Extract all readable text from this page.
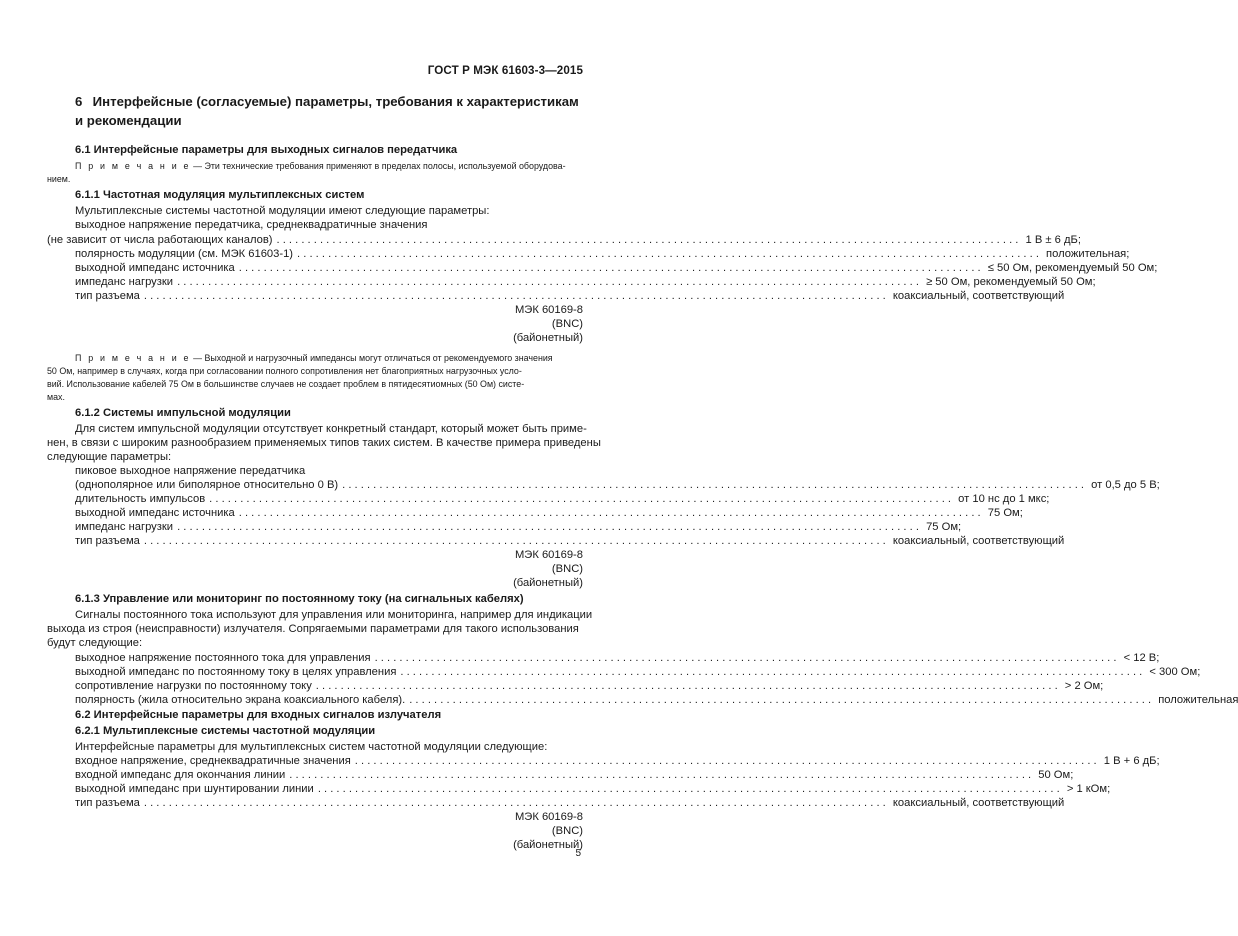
ГОСТ Р МЭК 61603-3—2015
6 Интерфейсные (согласуемые) параметры, требования к характеристикам
и рекомендации
6.1 Интерфейсные параметры для выходных сигналов передатчика
П р и м е ч а н и е — Эти технические требования применяют в пределах полосы, используемой оборудова-
нием.
6.1.1 Частотная модуляция мультиплексных систем
Мультиплексные системы частотной модуляции имеют следующие параметры:
выходное напряжение передатчика, среднеквадратичные значения
(не зависит от числа работающих каналов) ........................................................................................................................ 1 В ± 6 дБ;
полярность модуляции (см. МЭК 61603-1) ........................................................................................................................ положительная;
выходной импеданс источника ........................................................................................................................ ≤ 50 Ом, рекомендуемый 50 Ом;
импеданс нагрузки ........................................................................................................................ ≥ 50 Ом, рекомендуемый 50 Ом;
тип разъема ........................................................................................................................ коаксиальный, соответствующий
МЭК 60169-8
(BNC)
(байонетный)
П р и м е ч а н и е — Выходной и нагрузочный импедансы могут отличаться от рекомендуемого значения
50 Ом, например в случаях, когда при согласовании полного сопротивления нет благоприятных нагрузочных усло-
вий. Использование кабелей 75 Ом в большинстве случаев не создает проблем в пятидесятиомных (50 Ом) систе-
мах.
6.1.2 Системы импульсной модуляции
Для систем импульсной модуляции отсутствует конкретный стандарт, который может быть приме-
нен, в связи с широким разнообразием применяемых типов таких систем. В качестве примера приведены
следующие параметры:
пиковое выходное напряжение передатчика
(однополярное или биполярное относительно 0 В) ........................................................................................................................ от 0,5 до 5 В;
длительность импульсов ........................................................................................................................ от 10 нс до 1 мкс;
выходной импеданс источника ........................................................................................................................ 75 Ом;
импеданс нагрузки ........................................................................................................................ 75 Ом;
тип разъема ........................................................................................................................ коаксиальный, соответствующий
МЭК 60169-8
(BNC)
(байонетный)
6.1.3 Управление или мониторинг по постоянному току (на сигнальных кабелях)
Сигналы постоянного тока используют для управления или мониторинга, например для индикации
выхода из строя (неисправности) излучателя. Сопрягаемыми параметрами для такого использования
будут следующие:
выходное напряжение постоянного тока для управления ........................................................................................................................ < 12 В;
выходной импеданс по постоянному току в целях управления ........................................................................................................................ < 300 Ом;
сопротивление нагрузки по постоянному току ........................................................................................................................ > 2 Ом;
полярность (жила относительно экрана коаксиального кабеля). ........................................................................................................................ положительная
6.2 Интерфейсные параметры для входных сигналов излучателя
6.2.1 Мультиплексные системы частотной модуляции
Интерфейсные параметры для мультиплексных систем частотной модуляции следующие:
входное напряжение, среднеквадратичные значения ........................................................................................................................ 1 В + 6 дБ;
входной импеданс для окончания линии ........................................................................................................................ 50 Ом;
выходной импеданс при шунтировании линии ........................................................................................................................ > 1 кОм;
тип разъема ........................................................................................................................ коаксиальный, соответствующий
МЭК 60169-8
(BNC)
(байонетный)
5
